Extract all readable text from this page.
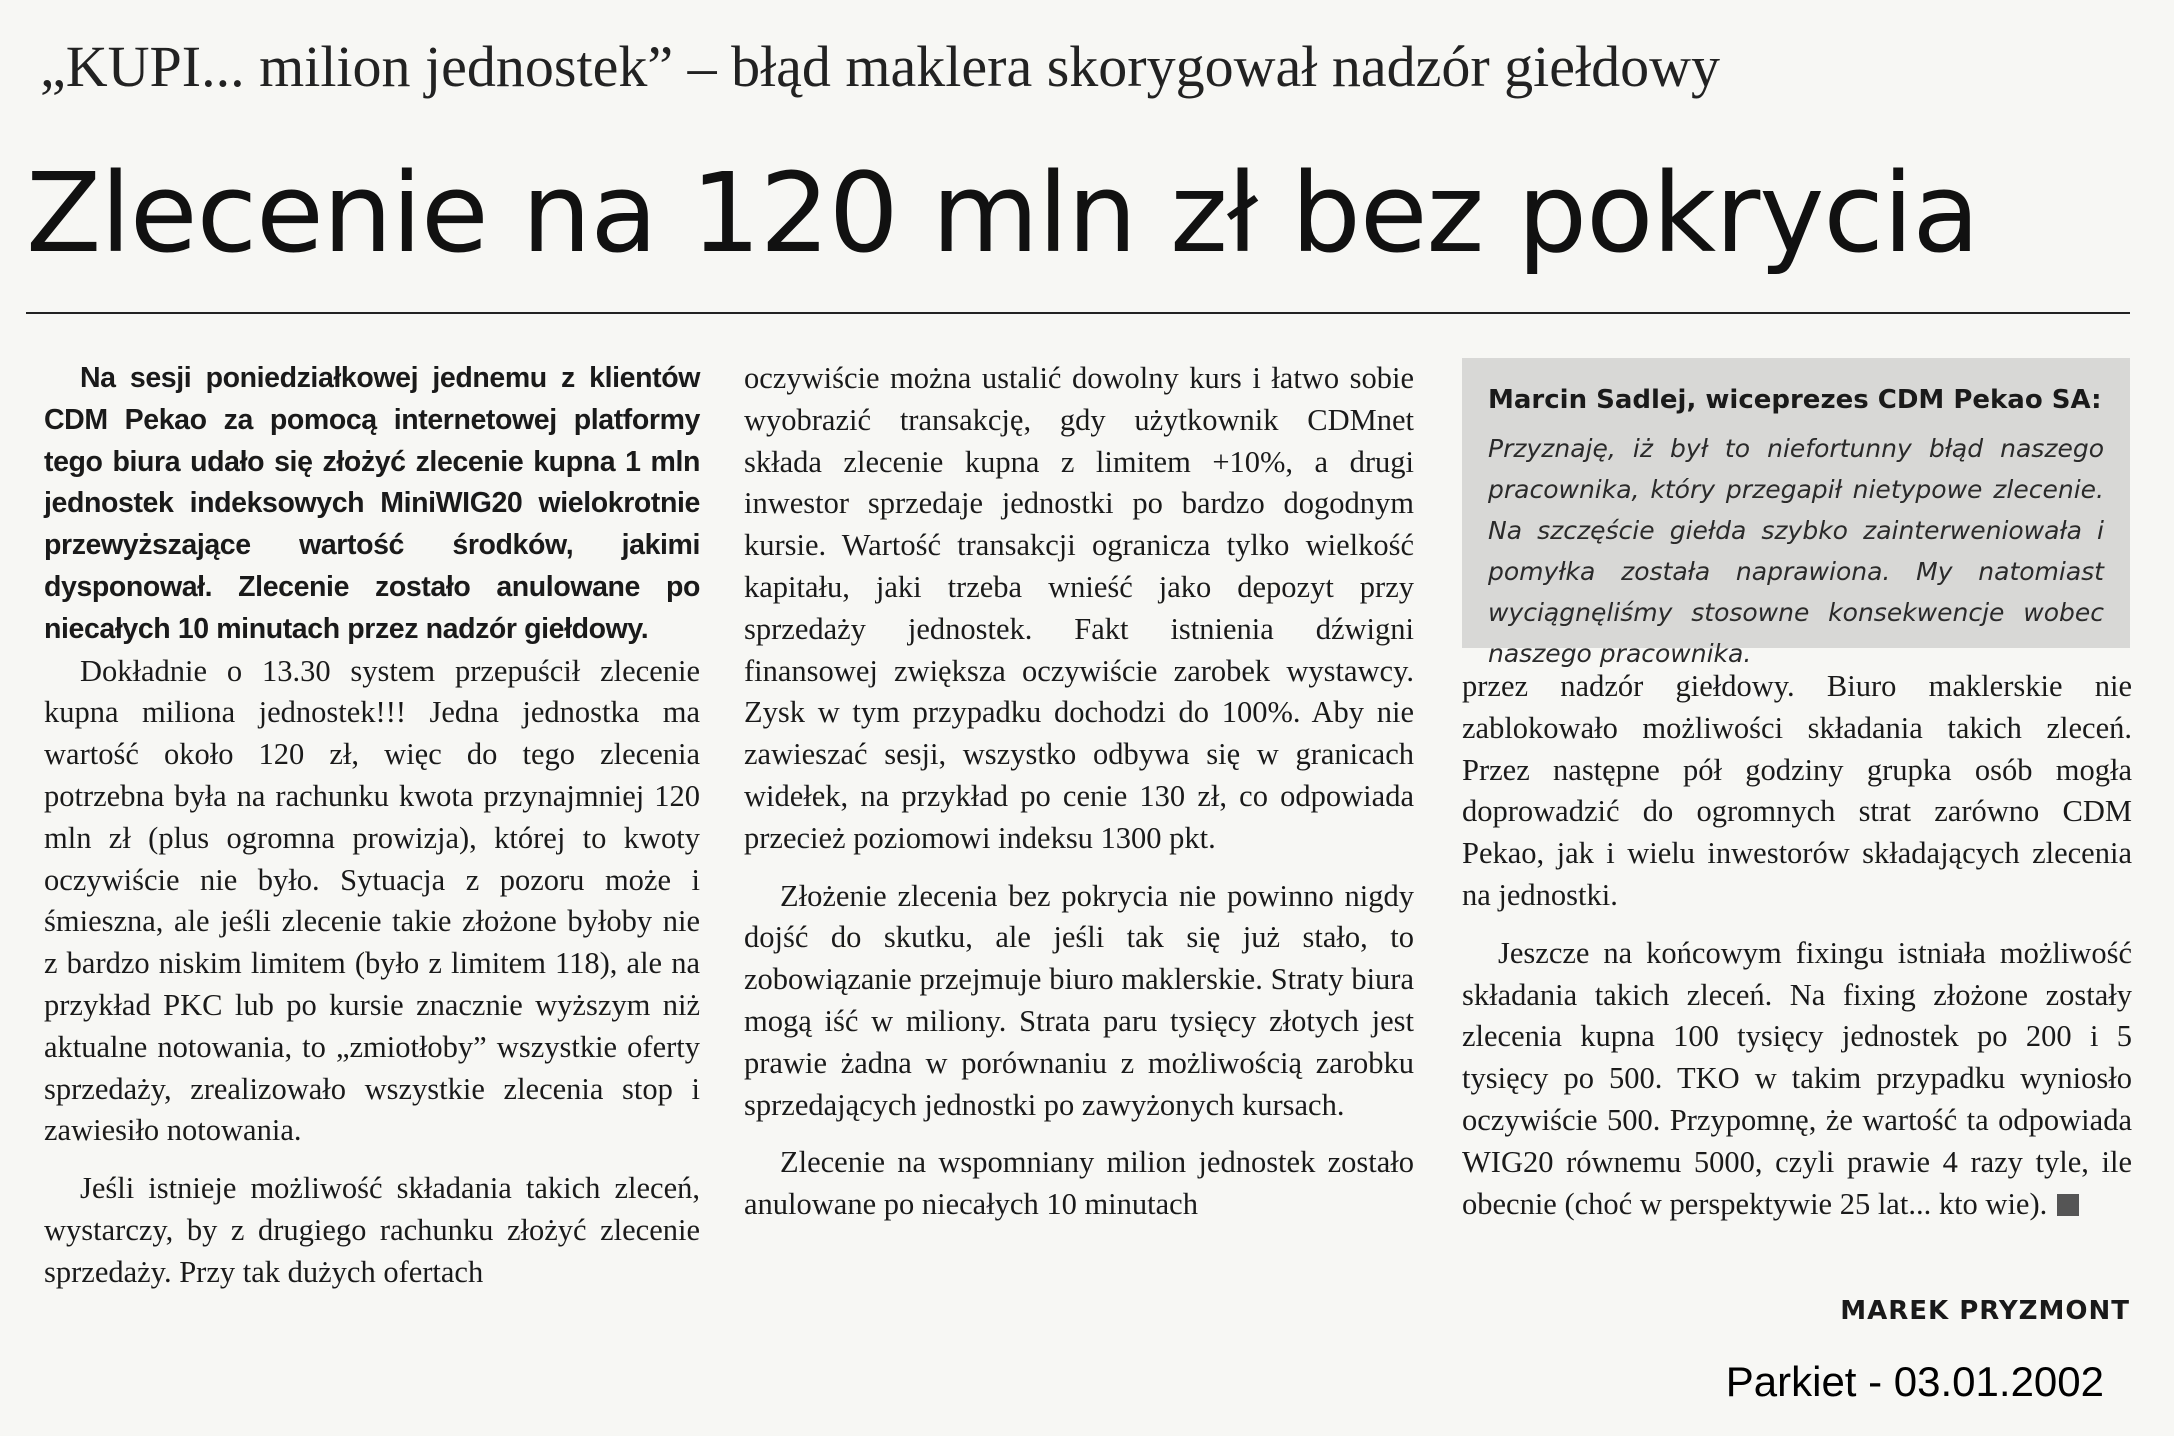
„KUPI... milion jednostek” – błąd maklera skorygował nadzór giełdowy
Zlecenie na 120 mln zł bez pokrycia

Na sesji poniedziałkowej jednemu z klientów CDM Pekao za pomocą internetowej platformy tego biura udało się złożyć zlecenie kupna 1 mln jednostek indeksowych MiniWIG20 wielokrotnie przewyższające wartość środków, jakimi dysponował. Zlecenie zostało anulowane po niecałych 10 minutach przez nadzór giełdowy.

Dokładnie o 13.30 system przepuścił zlecenie kupna miliona jednostek!!! Jedna jednostka ma wartość około 120 zł, więc do tego zlecenia potrzebna była na rachunku kwota przynajmniej 120 mln zł (plus ogromna prowizja), której to kwoty oczywiście nie było. Sytuacja z pozoru może i śmieszna, ale jeśli zlecenie takie złożone byłoby nie z bardzo niskim limitem (było z limitem 118), ale na przykład PKC lub po kursie znacznie wyższym niż aktualne notowania, to „zmiotłoby” wszystkie oferty sprzedaży, zrealizowało wszystkie zlecenia stop i zawiesiło notowania.

Jeśli istnieje możliwość składania takich zleceń, wystarczy, by z drugiego rachunku złożyć zlecenie sprzedaży. Przy tak dużych ofertach

oczywiście można ustalić dowolny kurs i łatwo sobie wyobrazić transakcję, gdy użytkownik CDMnet składa zlecenie kupna z limitem +10%, a drugi inwestor sprzedaje jednostki po bardzo dogodnym kursie. Wartość transakcji ogranicza tylko wielkość kapitału, jaki trzeba wnieść jako depozyt przy sprzedaży jednostek. Fakt istnienia dźwigni finansowej zwiększa oczywiście zarobek wystawcy. Zysk w tym przypadku dochodzi do 100%. Aby nie zawieszać sesji, wszystko odbywa się w granicach widełek, na przykład po cenie 130 zł, co odpowiada przecież poziomowi indeksu 1300 pkt.

Złożenie zlecenia bez pokrycia nie powinno nigdy dojść do skutku, ale jeśli tak się już stało, to zobowiązanie przejmuje biuro maklerskie. Straty biura mogą iść w miliony. Strata paru tysięcy złotych jest prawie żadna w porównaniu z możliwością zarobku sprzedających jednostki po zawyżonych kursach.

Zlecenie na wspomniany milion jednostek zostało anulowane po niecałych 10 minutach

Marcin Sadlej, wiceprezes CDM Pekao SA:
Przyznaję, iż był to niefortunny błąd naszego pracownika, który przegapił nietypowe zlecenie. Na szczęście giełda szybko zainterweniowała i pomyłka została naprawiona. My natomiast wyciągnęliśmy stosowne konsekwencje wobec naszego pracownika.

przez nadzór giełdowy. Biuro maklerskie nie zablokowało możliwości składania takich zleceń. Przez następne pół godziny grupka osób mogła doprowadzić do ogromnych strat zarówno CDM Pekao, jak i wielu inwestorów składających zlecenia na jednostki.

Jeszcze na końcowym fixingu istniała możliwość składania takich zleceń. Na fixing złożone zostały zlecenia kupna 100 tysięcy jednostek po 200 i 5 tysięcy po 500. TKO w takim przypadku wyniosło oczywiście 500. Przypomnę, że wartość ta odpowiada WIG20 równemu 5000, czyli prawie 4 razy tyle, ile obecnie (choć w perspektywie 25 lat... kto wie).

MAREK PRYZMONT
Parkiet - 03.01.2002
